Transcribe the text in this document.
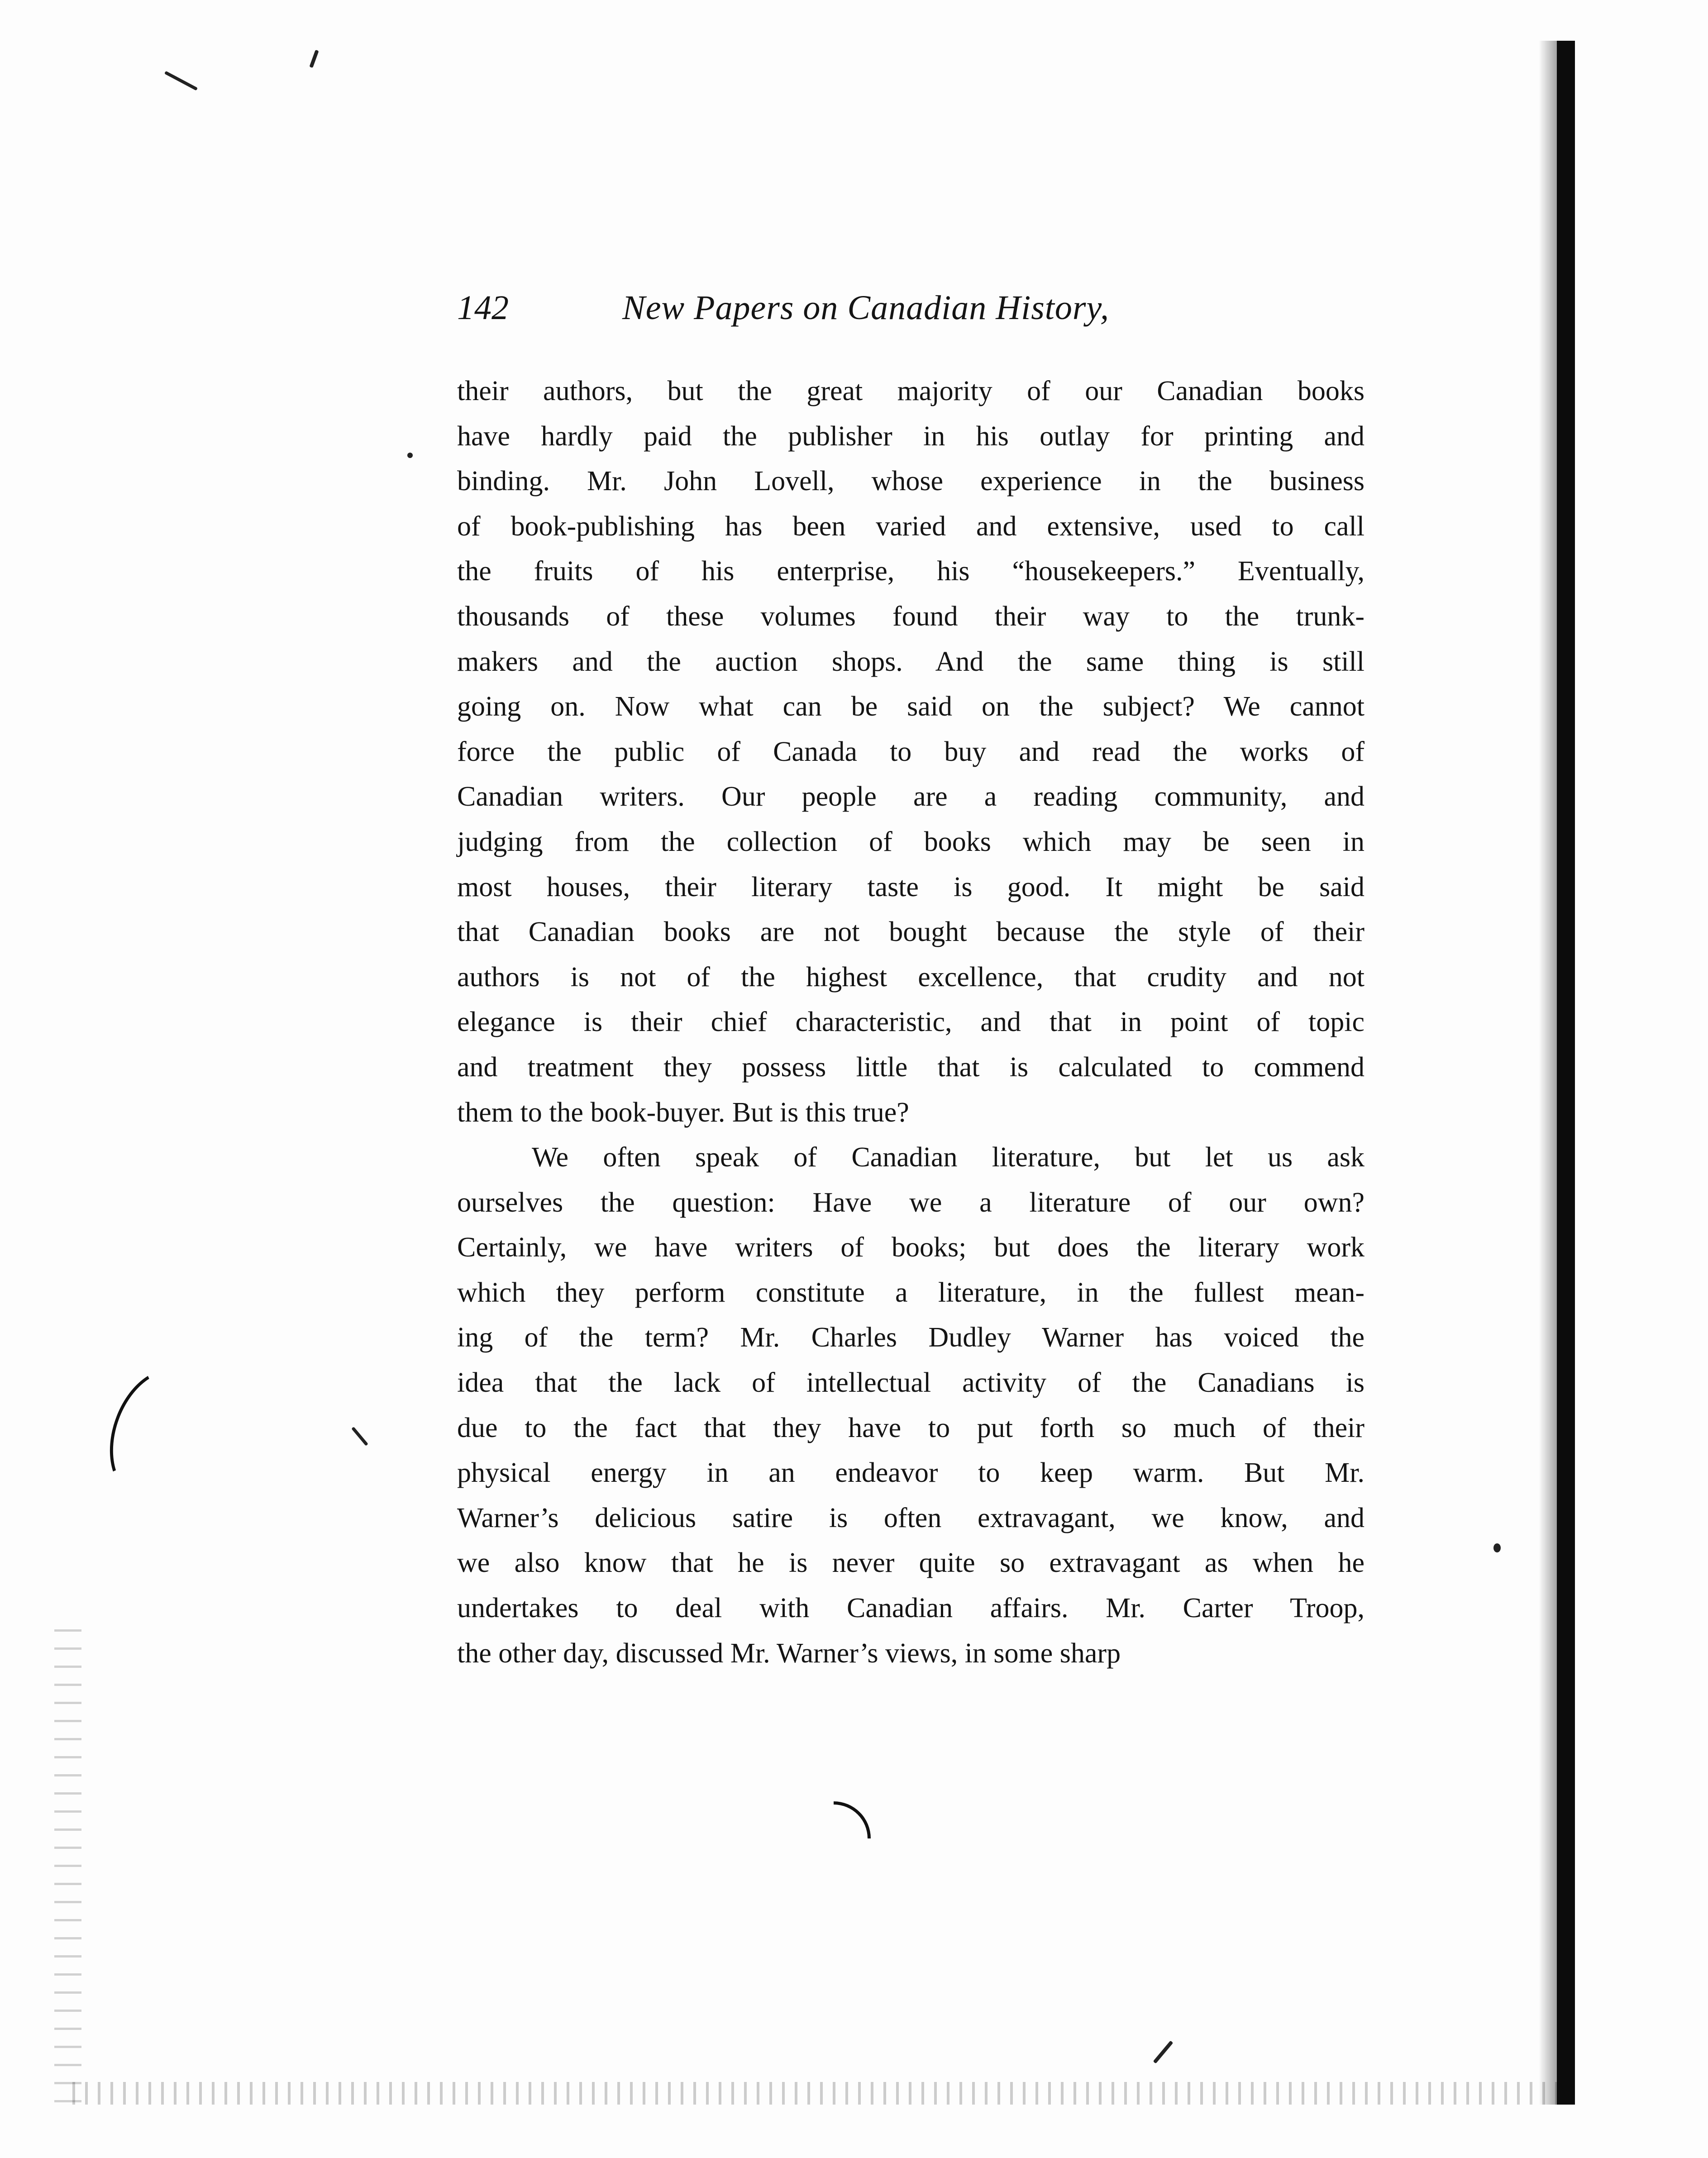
142	New Papers on Canadian History,
their authors, but the great majority of our Canadian books
have hardly paid the publisher in his outlay for printing and
binding. Mr. John Lovell, whose experience in the business
of book-publishing has been varied and extensive, used to call
the fruits of his enterprise, his “housekeepers.” Eventually,
thousands of these volumes found their way to the trunk-
makers and the auction shops. And the same thing is still
going on. Now what can be said on the subject? We cannot
force the public of Canada to buy and read the works of
Canadian writers. Our people are a reading community, and
judging from the collection of books which may be seen in
most houses, their literary taste is good. It might be said
that Canadian books are not bought because the style of their
authors is not of the highest excellence, that crudity and not
elegance is their chief characteristic, and that in point of topic
and treatment they possess little that is calculated to commend
them to the book-buyer. But is this true?
We often speak of Canadian literature, but let us ask
ourselves the question: Have we a literature of our own?
Certainly, we have writers of books; but does the literary work
which they perform constitute a literature, in the fullest mean-
ing of the term? Mr. Charles Dudley Warner has voiced the
idea that the lack of intellectual activity of the Canadians is
due to the fact that they have to put forth so much of their
physical energy in an endeavor to keep warm. But Mr.
Warner’s delicious satire is often extravagant, we know, and
we also know that he is never quite so extravagant as when he
undertakes to deal with Canadian affairs. Mr. Carter Troop,
the other day, discussed Mr. Warner’s views, in some sharp
